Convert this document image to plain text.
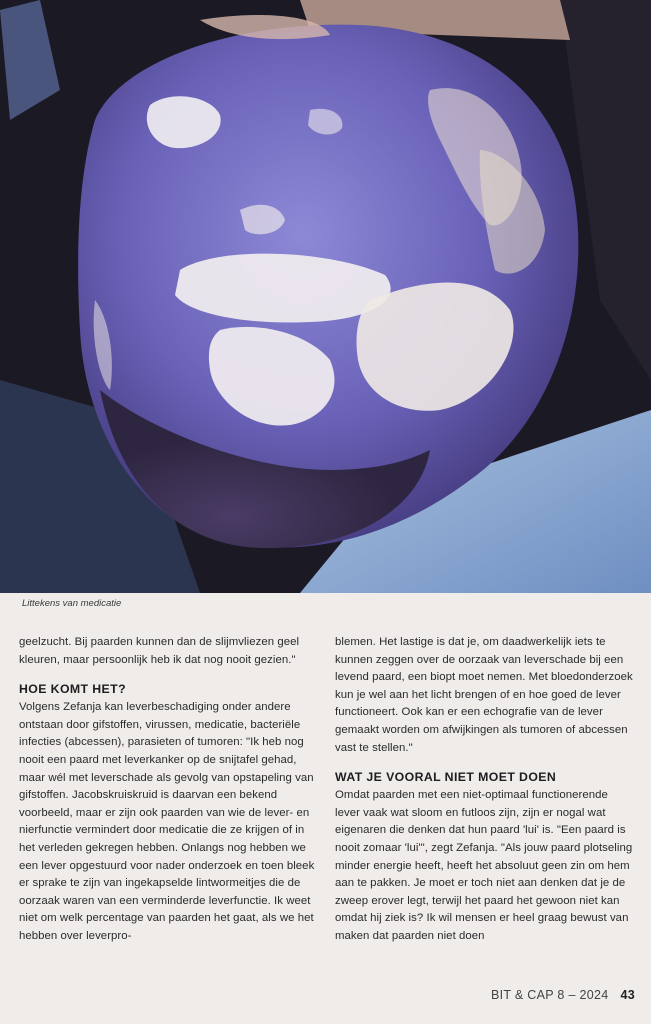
Littekens van medicatie

geelzucht. Bij paarden kunnen dan de slijmvliezen geel kleuren, maar persoonlijk heb ik dat nog nooit gezien."

HOE KOMT HET?

Volgens Zefanja kan leverbeschadiging onder andere ontstaan door gifstoffen, virussen, medicatie, bacteriële infecties (abcessen), parasieten of tumoren: "Ik heb nog nooit een paard met leverkanker op de snijtafel gehad, maar wél met leverschade als gevolg van opstapeling van gifstoffen. Jacobskruiskruid is daarvan een bekend voorbeeld, maar er zijn ook paarden van wie de lever- en nierfunctie vermindert door medicatie die ze krijgen of in het verleden gekregen hebben. Onlangs nog hebben we een lever opgestuurd voor nader onderzoek en toen bleek er sprake te zijn van ingekapselde lintwormeitjes die de oorzaak waren van een verminderde leverfunctie. Ik weet niet om welk percentage van paarden het gaat, als we het hebben over leverpro-

blemen. Het lastige is dat je, om daadwerkelijk iets te kunnen zeggen over de oorzaak van leverschade bij een levend paard, een biopt moet nemen. Met bloedonderzoek kun je wel aan het licht brengen of en hoe goed de lever functioneert. Ook kan er een echografie van de lever gemaakt worden om afwijkingen als tumoren of abcessen vast te stellen."

WAT JE VOORAL NIET MOET DOEN

Omdat paarden met een niet-optimaal functionerende lever vaak wat sloom en futloos zijn, zijn er nogal wat eigenaren die denken dat hun paard 'lui' is. "Een paard is nooit zomaar 'lui'", zegt Zefanja. "Als jouw paard plotseling minder energie heeft, heeft het absoluut geen zin om hem aan te pakken. Je moet er toch niet aan denken dat je de zweep erover legt, terwijl het paard het gewoon niet kan omdat hij ziek is? Ik wil mensen er heel graag bewust van maken dat paarden niet doen

BIT & CAP 8 – 2024 43
